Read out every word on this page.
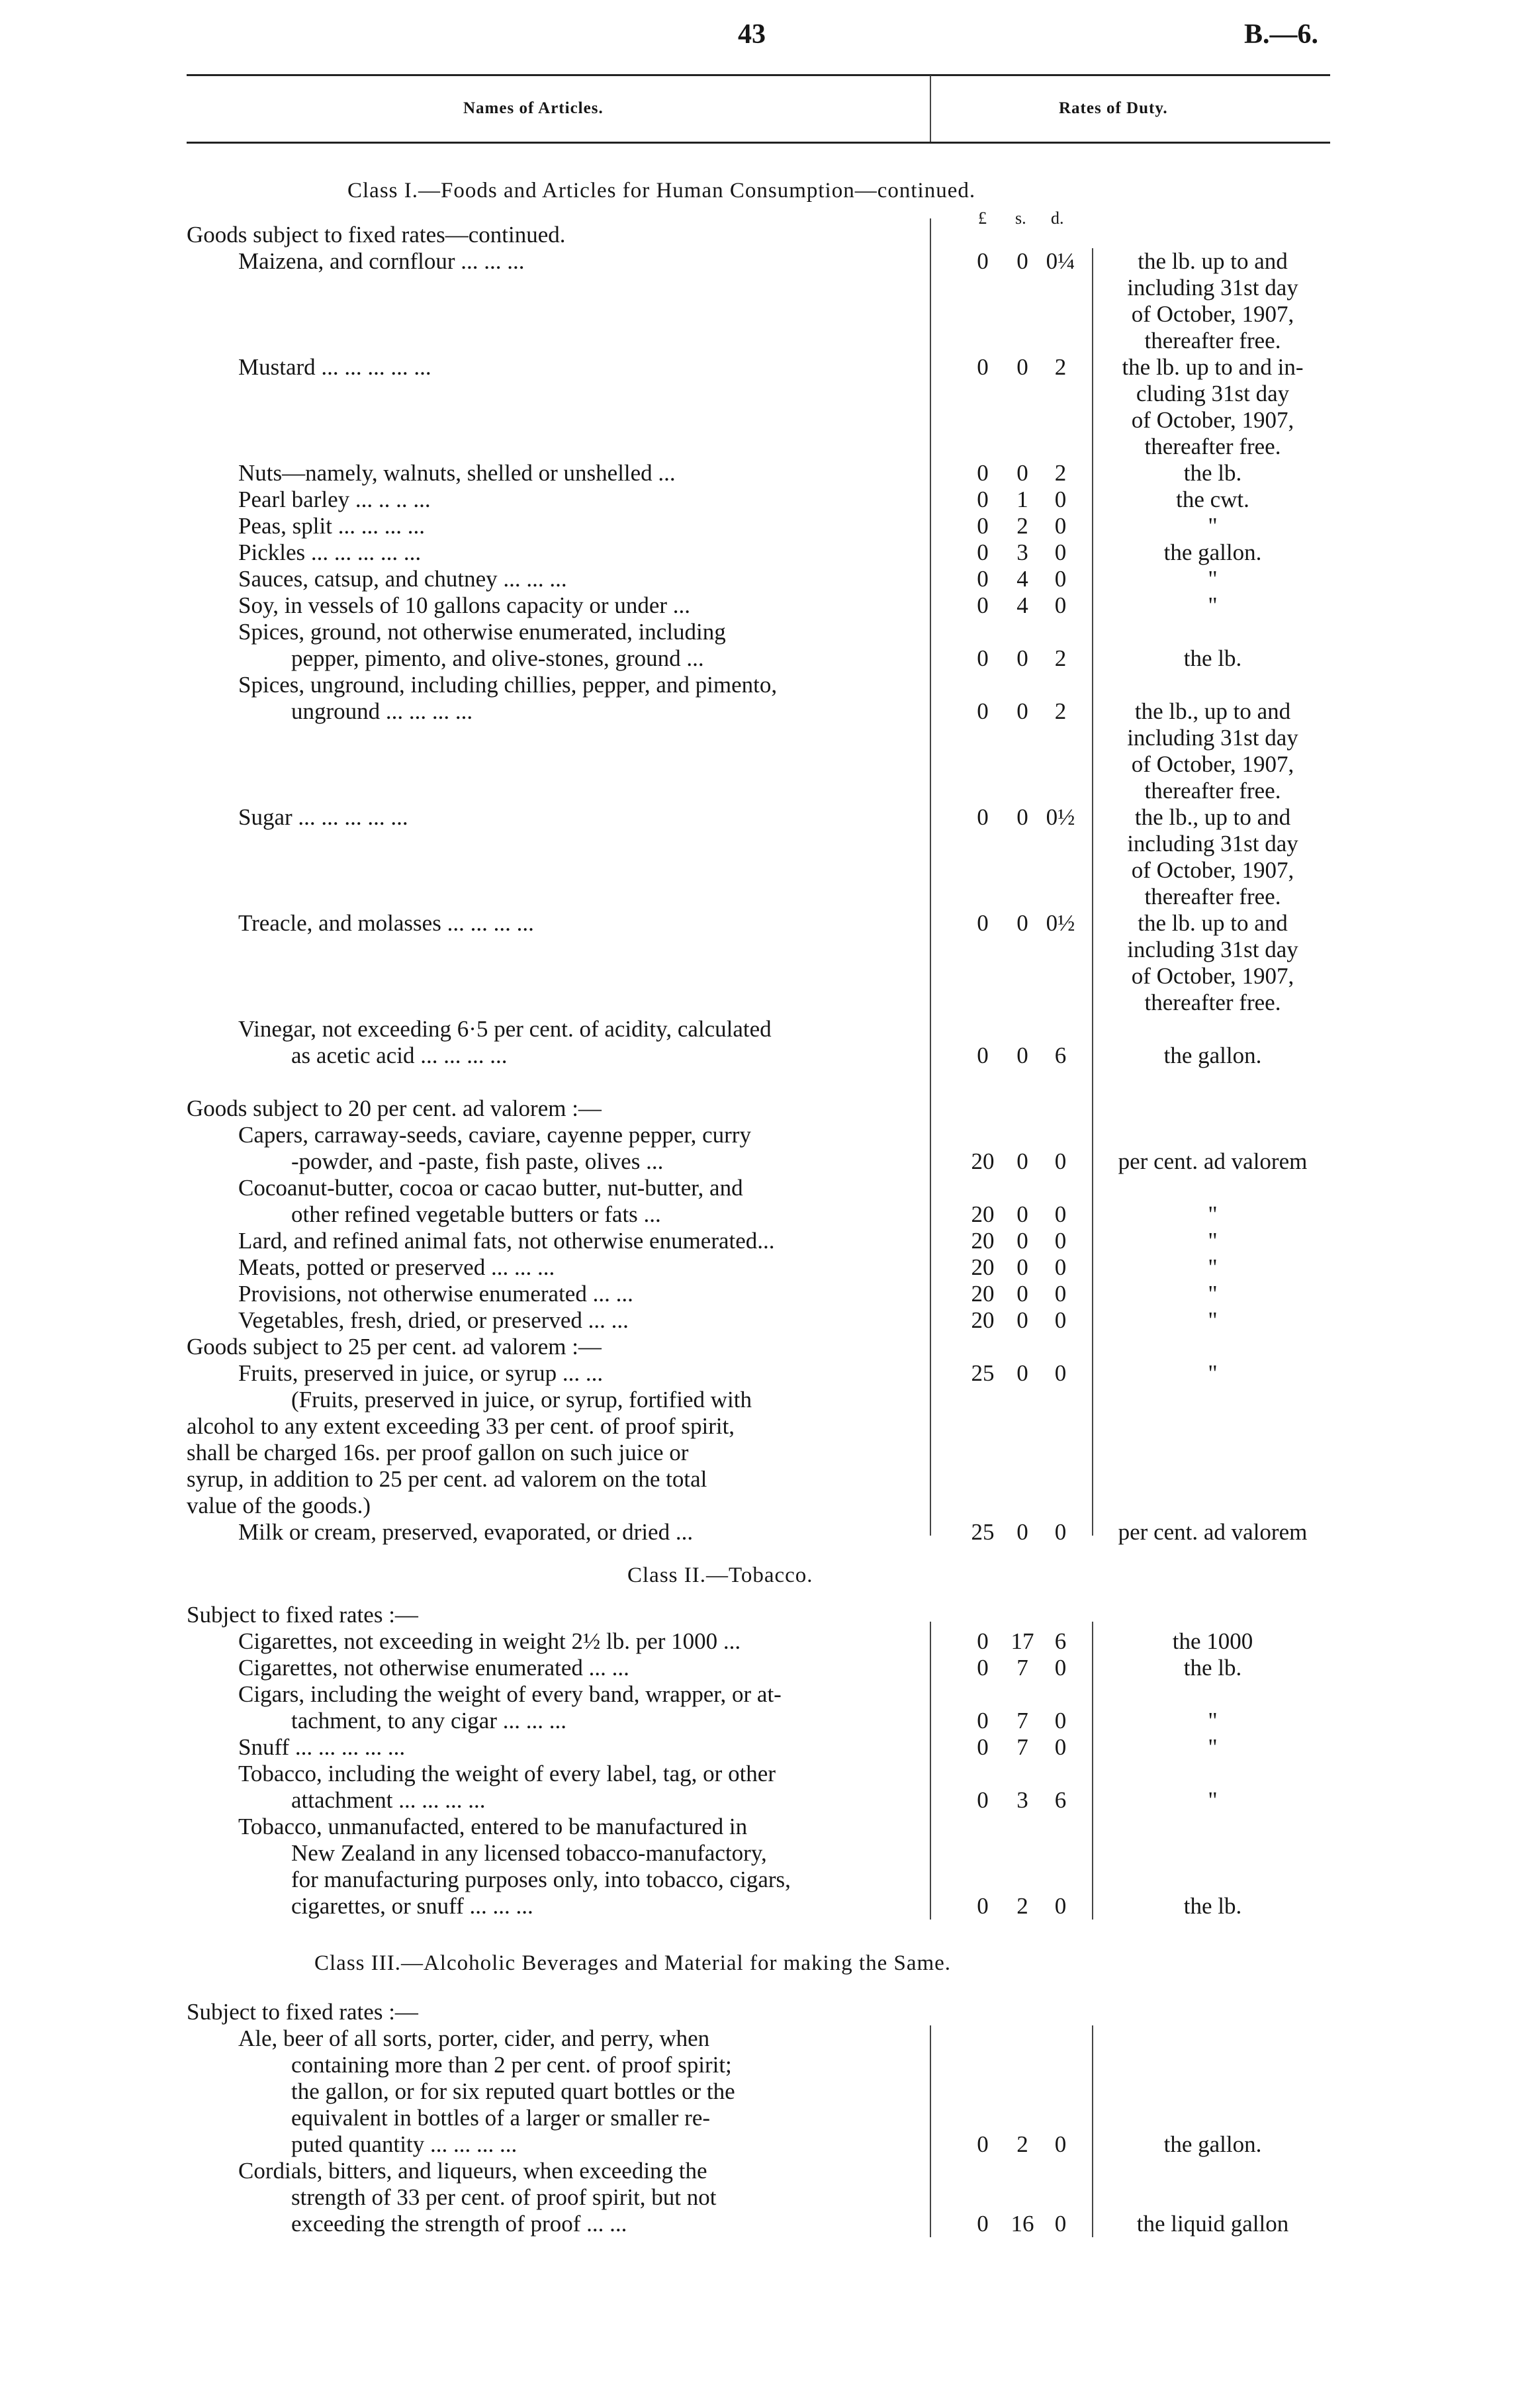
43	B.—6.
Names of Articles.	Rates of Duty.
Class I.—Foods and Articles for Human Consumption—continued.
Class II.—Tobacco.
Class III.—Alcoholic Beverages and Material for making the Same.
£ s. d.
Goods subject to fixed rates—continued.
Maizena, and cornflour ... ... ...	0	0 0¼	the lb. up to and
including 31st day
of October, 1907,
thereafter free.
Mustard ... ... ... ... ...	0	0	2	the lb. up to and in-
cluding 31st day
of October, 1907,
thereafter free.
Nuts—namely, walnuts, shelled or unshelled ...	0	0	2	the lb.
Pearl barley ... .. .. ...	0	1	0	the cwt.
Peas, split ... ... ... ...	0	2	0	"
Pickles ... ... ... ... ...	0	3	0	the gallon.
Sauces, catsup, and chutney ... ... ...	0	4	0	"
Soy, in vessels of 10 gallons capacity or under ...	0	4	0	"
Spices, ground, not otherwise enumerated, including
pepper, pimento, and olive-stones, ground ...	0	0	2	the lb.
Spices, unground, including chillies, pepper, and pimento,
unground ... ... ... ...	0	0	2	the lb., up to and
including 31st day
of October, 1907,
thereafter free.
Sugar ... ... ... ... ...	0	0 0½	the lb., up to and
including 31st day
of October, 1907,
thereafter free.
Treacle, and molasses ... ... ... ...	0	0 0½	the lb. up to and
including 31st day
of October, 1907,
thereafter free.
Vinegar, not exceeding 6·5 per cent. of acidity, calculated
as acetic acid ... ... ... ...	0	0	6	the gallon.
Goods subject to 20 per cent. ad valorem :—
Capers, carraway-seeds, caviare, cayenne pepper, curry
-powder, and -paste, fish paste, olives ...	20 0	0	per cent. ad valorem
Cocoanut-butter, cocoa or cacao butter, nut-butter, and
other refined vegetable butters or fats ...	20 0	0	"
Lard, and refined animal fats, not otherwise enumerated...	20 0	0	"
Meats, potted or preserved ... ... ...	20 0	0	"
Provisions, not otherwise enumerated ... ...	20 0	0	"
Vegetables, fresh, dried, or preserved ... ...	20 0	0	"
Goods subject to 25 per cent. ad valorem :—
Fruits, preserved in juice, or syrup ... ...	25 0	0	"
(Fruits, preserved in juice, or syrup, fortified with
alcohol to any extent exceeding 33 per cent. of proof spirit,
shall be charged 16s. per proof gallon on such juice or
syrup, in addition to 25 per cent. ad valorem on the total
value of the goods.)
Milk or cream, preserved, evaporated, or dried ...	25 0	0	per cent. ad valorem
Subject to fixed rates :—
Cigarettes, not exceeding in weight 2½ lb. per 1000 ...	0 17 6	the 1000
Cigarettes, not otherwise enumerated ... ...	0	7	0	the lb.
Cigars, including the weight of every band, wrapper, or at-
tachment, to any cigar ... ... ...	0	7	0	"
Snuff ... ... ... ... ...	0	7	0	"
Tobacco, including the weight of every label, tag, or other
attachment ... ... ... ...	0	3	6	"
Tobacco, unmanufacted, entered to be manufactured in
New Zealand in any licensed tobacco-manufactory,
for manufacturing purposes only, into tobacco, cigars,
cigarettes, or snuff ... ... ...	0	2	0	the lb.
Subject to fixed rates :—
Ale, beer of all sorts, porter, cider, and perry, when
containing more than 2 per cent. of proof spirit;
the gallon, or for six reputed quart bottles or the
equivalent in bottles of a larger or smaller re-
puted quantity ... ... ... ...	0	2	0	the gallon.
Cordials, bitters, and liqueurs, when exceeding the
strength of 33 per cent. of proof spirit, but not
exceeding the strength of proof ... ...	0 16 0	the liquid gallon
